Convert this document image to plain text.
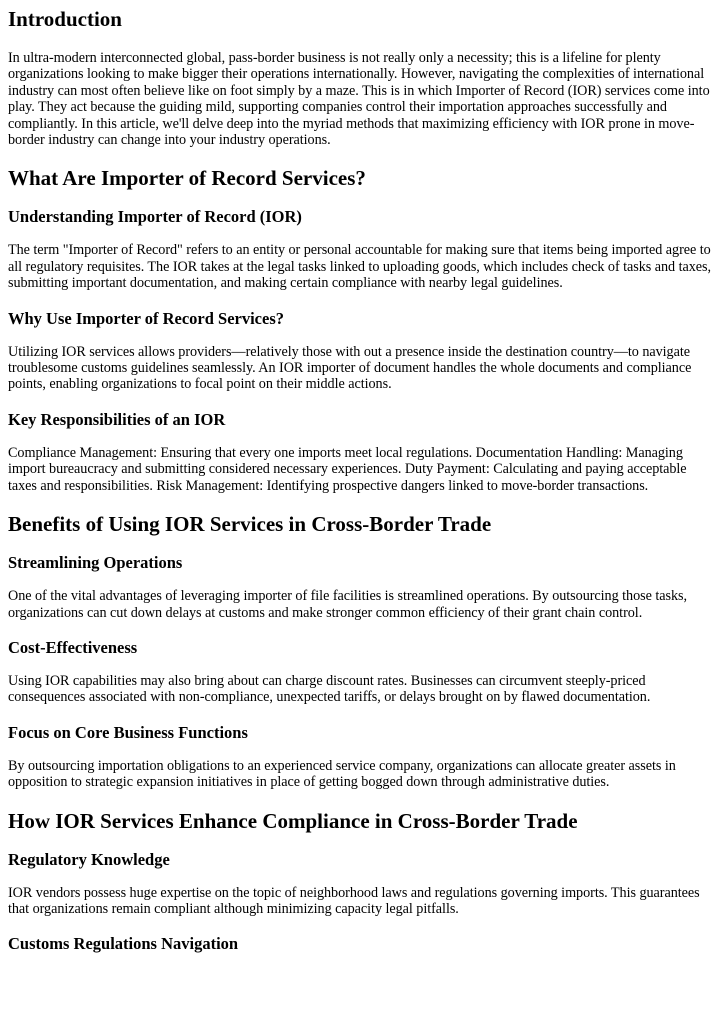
Introduction

In ultra-modern interconnected global, pass-border business is not really only a necessity; this is a lifeline for plenty organizations looking to make bigger their operations internationally. However, navigating the complexities of international industry can most often believe like on foot simply by a maze. This is in which Importer of Record (IOR) services come into play. They act because the guiding mild, supporting companies control their importation approaches successfully and compliantly. In this article, we'll delve deep into the myriad methods that maximizing efficiency with IOR prone in move-border industry can change into your industry operations.

What Are Importer of Record Services?
Understanding Importer of Record (IOR)

The term "Importer of Record" refers to an entity or personal accountable for making sure that items being imported agree to all regulatory requisites. The IOR takes at the legal tasks linked to uploading goods, which includes check of tasks and taxes, submitting important documentation, and making certain compliance with nearby legal guidelines.

Why Use Importer of Record Services?

Utilizing IOR services allows providers—relatively those with out a presence inside the destination country—to navigate troublesome customs guidelines seamlessly. An IOR importer of document handles the whole documents and compliance points, enabling organizations to focal point on their middle actions.

Key Responsibilities of an IOR

Compliance Management: Ensuring that every one imports meet local regulations. Documentation Handling: Managing import bureaucracy and submitting considered necessary experiences. Duty Payment: Calculating and paying acceptable taxes and responsibilities. Risk Management: Identifying prospective dangers linked to move-border transactions.

Benefits of Using IOR Services in Cross-Border Trade
Streamlining Operations

One of the vital advantages of leveraging importer of file facilities is streamlined operations. By outsourcing those tasks, organizations can cut down delays at customs and make stronger common efficiency of their grant chain control.

Cost-Effectiveness

Using IOR capabilities may also bring about can charge discount rates. Businesses can circumvent steeply-priced consequences associated with non-compliance, unexpected tariffs, or delays brought on by flawed documentation.

Focus on Core Business Functions

By outsourcing importation obligations to an experienced service company, organizations can allocate greater assets in opposition to strategic expansion initiatives in place of getting bogged down through administrative duties.

How IOR Services Enhance Compliance in Cross-Border Trade
Regulatory Knowledge

IOR vendors possess huge expertise on the topic of neighborhood laws and regulations governing imports. This guarantees that organizations remain compliant although minimizing capacity legal pitfalls.

Customs Regulations Navigation
